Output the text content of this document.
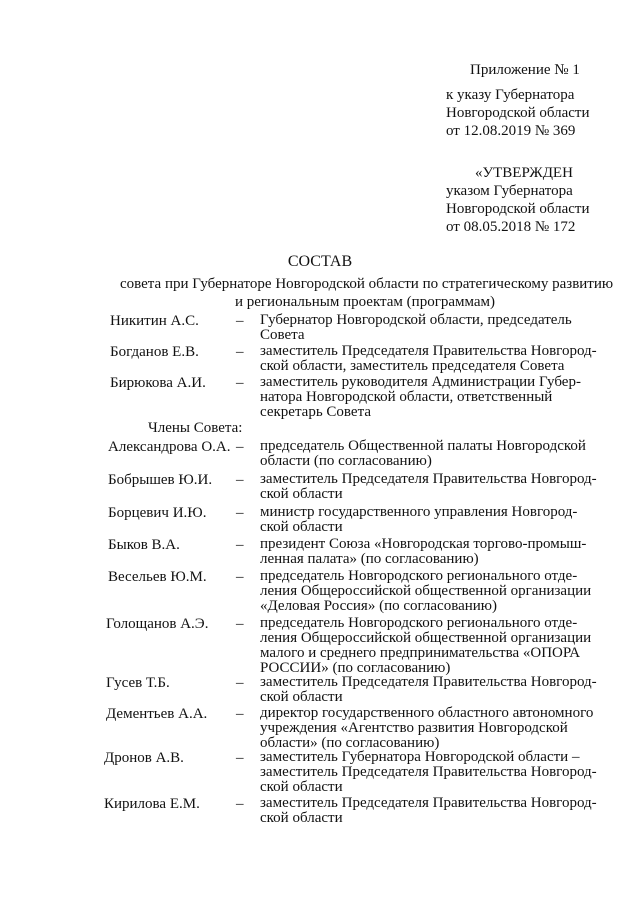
Приложение № 1
к указу Губернатора
Новгородской области
от 12.08.2019 № 369
«УТВЕРЖДЕН
указом Губернатора
Новгородской области
от 08.05.2018 № 172
СОСТАВ
совета при Губернаторе Новгородской области по стратегическому развитию
и региональным проектам (программам)
Никитин А.С. – Губернатор Новгородской области, председатель
Совета
Богданов Е.В. – заместитель Председателя Правительства Новгород-
ской области, заместитель председателя Совета
Бирюкова А.И. – заместитель руководителя Администрации Губер-
натора Новгородской области, ответственный
секретарь Совета
Члены Совета:
Александрова О.А. – председатель Общественной палаты Новгородской
области (по согласованию)
Бобрышев Ю.И. – заместитель Председателя Правительства Новгород-
ской области
Борцевич И.Ю. – министр государственного управления Новгород-
ской области
Быков В.А.	– президент Союза «Новгородская торгово-промыш-
ленная палата» (по согласованию)
Весельев Ю.М. – председатель Новгородского регионального отде-
ления Общероссийской общественной организации
«Деловая Россия» (по согласованию)
Голощанов А.Э. – председатель Новгородского регионального отде-
ления Общероссийской общественной организации
малого и среднего предпринимательства «ОПОРА
РОССИИ» (по согласованию)
Гусев Т.Б.	– заместитель Председателя Правительства Новгород-
ской области
Дементьев А.А. – директор государственного областного автономного
учреждения «Агентство развития Новгородской
области» (по согласованию)
Дронов А.В.	– заместитель Губернатора Новгородской области –
заместитель Председателя Правительства Новгород-
ской области
Кирилова Е.М. – заместитель Председателя Правительства Новгород-
ской области
